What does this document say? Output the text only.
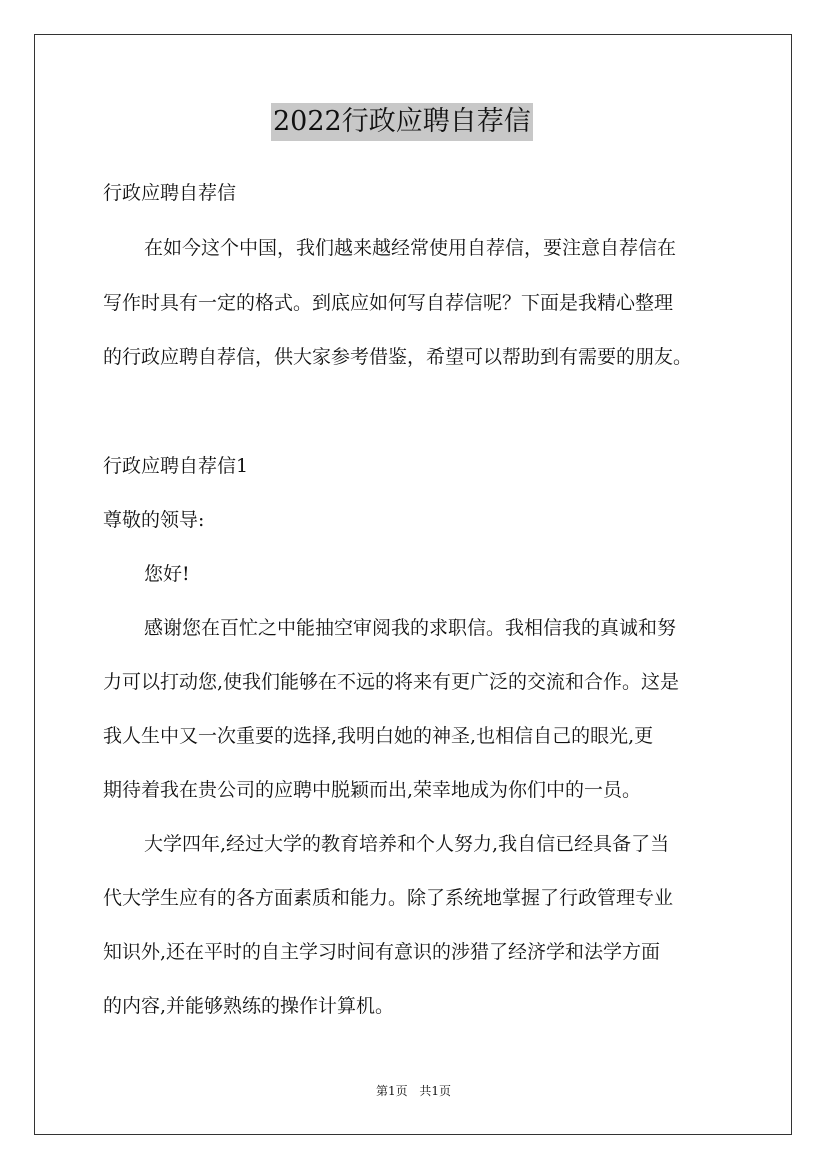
2022行政应聘自荐信
行政应聘自荐信
在如今这个中国，我们越来越经常使用自荐信，要注意自荐信在
写作时具有一定的格式。到底应如何写自荐信呢？下面是我精心整理
的行政应聘自荐信，供大家参考借鉴，希望可以帮助到有需要的朋友。
行政应聘自荐信1
尊敬的领导:
您好!
感谢您在百忙之中能抽空审阅我的求职信。我相信我的真诚和努
力可以打动您,使我们能够在不远的将来有更广泛的交流和合作。这是
我人生中又一次重要的选择,我明白她的神圣,也相信自己的眼光,更
期待着我在贵公司的应聘中脱颖而出,荣幸地成为你们中的一员。
大学四年,经过大学的教育培养和个人努力,我自信已经具备了当
代大学生应有的各方面素质和能力。除了系统地掌握了行政管理专业
知识外,还在平时的自主学习时间有意识的涉猎了经济学和法学方面
的内容,并能够熟练的操作计算机。
第1页 共1页
